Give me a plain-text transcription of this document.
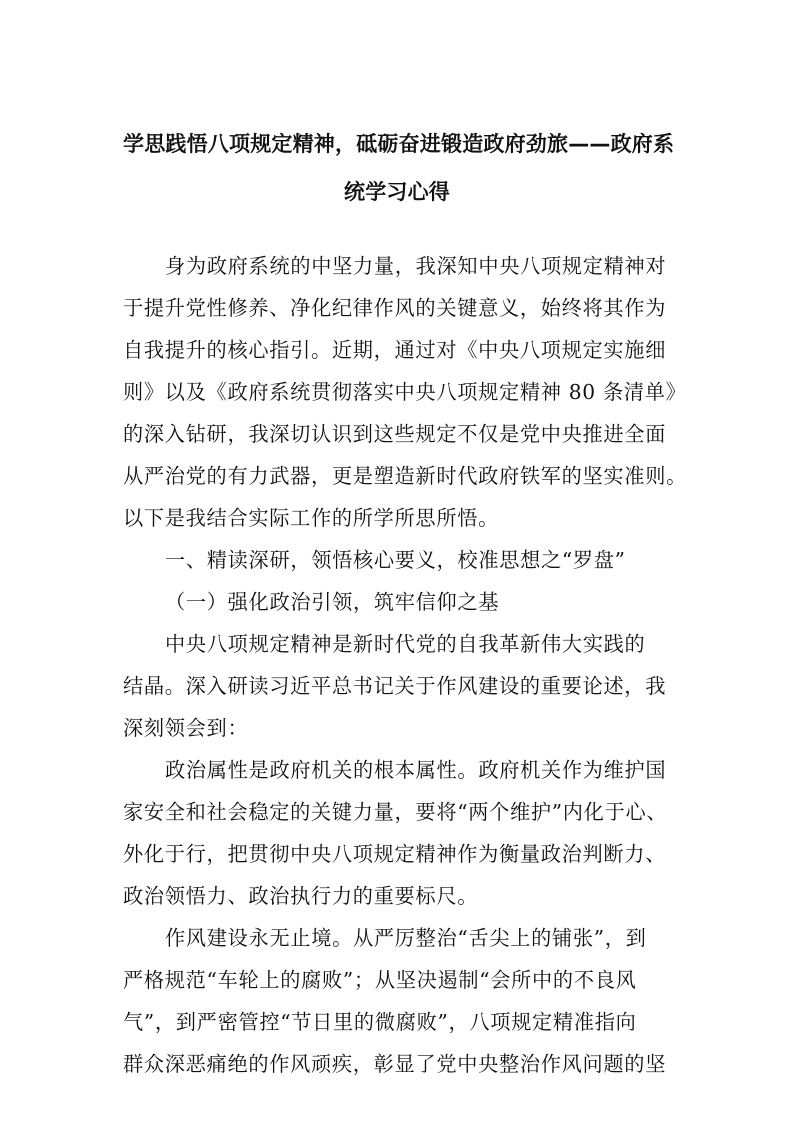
学思践悟八项规定精神，砥砺奋进锻造政府劲旅——政府系
统学习心得
身为政府系统的中坚力量，我深知中央八项规定精神对
于提升党性修养、净化纪律作风的关键意义，始终将其作为
自我提升的核心指引。近期，通过对《中央八项规定实施细
则》以及《政府系统贯彻落实中央八项规定精神 80 条清单》
的深入钻研，我深切认识到这些规定不仅是党中央推进全面
从严治党的有力武器，更是塑造新时代政府铁军的坚实准则。
以下是我结合实际工作的所学所思所悟。
一、精读深研，领悟核心要义，校准思想之“罗盘”
（一）强化政治引领，筑牢信仰之基
中央八项规定精神是新时代党的自我革新伟大实践的
结晶。深入研读习近平总书记关于作风建设的重要论述，我
深刻领会到：
政治属性是政府机关的根本属性。政府机关作为维护国
家安全和社会稳定的关键力量，要将“两个维护”内化于心、
外化于行，把贯彻中央八项规定精神作为衡量政治判断力、
政治领悟力、政治执行力的重要标尺。
作风建设永无止境。从严厉整治“舌尖上的铺张”，到
严格规范“车轮上的腐败”；从坚决遏制“会所中的不良风
气”，到严密管控“节日里的微腐败”，八项规定精准指向
群众深恶痛绝的作风顽疾，彰显了党中央整治作风问题的坚
